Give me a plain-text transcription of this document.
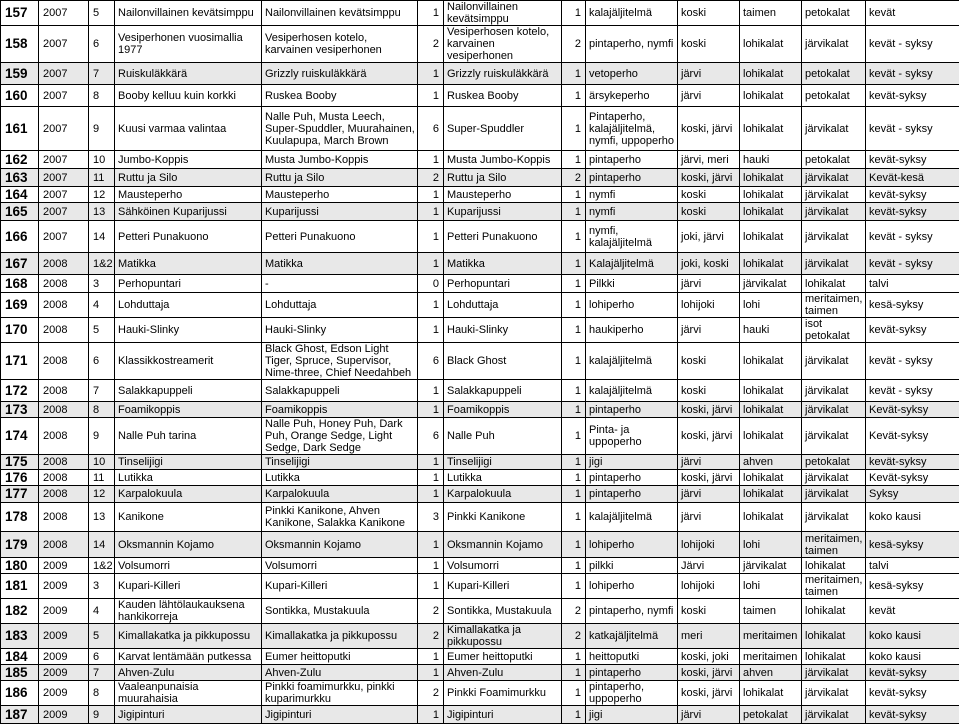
157	2007	5	Nailonvillainen kevätsimppu	Nailonvillainen kevätsimppu	1	Nailonvillainen kevätsimppu	1	kalajäljitelmä	koski	taimen	petokalat	kevät
158	2007	6	Vesiperhonen vuosimallia 1977	Vesiperhosen kotelo, karvainen vesiperhonen	2	Vesiperhosen kotelo, karvainen vesiperhonen	2	pintaperho, nymfi	koski	lohikalat	järvikalat	kevät - syksy
159	2007	7	Ruiskuläkkärä	Grizzly ruiskuläkkärä	1	Grizzly ruiskuläkkärä	1	vetoperho	järvi	lohikalat	petokalat	kevät - syksy
160	2007	8	Booby kelluu kuin korkki	Ruskea Booby	1	Ruskea Booby	1	ärsykeperho	järvi	lohikalat	petokalat	kevät-syksy
161	2007	9	Kuusi varmaa valintaa	Nalle Puh, Musta Leech, Super-Spuddler, Muurahainen, Kuulapupa, March Brown	6	Super-Spuddler	1	Pintaperho, kalajäljitelmä, nymfi, uppoperho	koski, järvi	lohikalat	järvikalat	kevät - syksy
162	2007	10	Jumbo-Koppis	Musta Jumbo-Koppis	1	Musta Jumbo-Koppis	1	pintaperho	järvi, meri	hauki	petokalat	kevät-syksy
163	2007	11	Ruttu ja Silo	Ruttu ja Silo	2	Ruttu ja Silo	2	pintaperho	koski, järvi	lohikalat	järvikalat	Kevät-kesä
164	2007	12	Mausteperho	Mausteperho	1	Mausteperho	1	nymfi	koski	lohikalat	järvikalat	kevät-syksy
165	2007	13	Sähköinen Kuparijussi	Kuparijussi	1	Kuparijussi	1	nymfi	koski	lohikalat	järvikalat	kevät-syksy
166	2007	14	Petteri Punakuono	Petteri Punakuono	1	Petteri Punakuono	1	nymfi, kalajäljitelmä	joki, järvi	lohikalat	järvikalat	kevät - syksy
167	2008	1&2	Matikka	Matikka	1	Matikka	1	Kalajäljitelmä	joki, koski	lohikalat	järvikalat	kevät - syksy
168	2008	3	Perhopuntari	-	0	Perhopuntari	1	Pilkki	järvi	järvikalat	lohikalat	talvi
169	2008	4	Lohduttaja	Lohduttaja	1	Lohduttaja	1	lohiperho	lohijoki	lohi	meritaimen, taimen	kesä-syksy
170	2008	5	Hauki-Slinky	Hauki-Slinky	1	Hauki-Slinky	1	haukiperho	järvi	hauki	isot petokalat	kevät-syksy
171	2008	6	Klassikkostreamerit	Black Ghost, Edson Light Tiger, Spruce, Supervisor, Nime-three, Chief Needahbeh	6	Black Ghost	1	kalajäljitelmä	koski	lohikalat	järvikalat	kevät - syksy
172	2008	7	Salakkapuppeli	Salakkapuppeli	1	Salakkapuppeli	1	kalajäljitelmä	koski	lohikalat	järvikalat	kevät - syksy
173	2008	8	Foamikoppis	Foamikoppis	1	Foamikoppis	1	pintaperho	koski, järvi	lohikalat	järvikalat	Kevät-syksy
174	2008	9	Nalle Puh tarina	Nalle Puh, Honey Puh, Dark Puh, Orange Sedge, Light Sedge, Dark Sedge	6	Nalle Puh	1	Pinta- ja uppoperho	koski, järvi	lohikalat	järvikalat	Kevät-syksy
175	2008	10	Tinselijigi	Tinselijigi	1	Tinselijigi	1	jigi	järvi	ahven	petokalat	kevät-syksy
176	2008	11	Lutikka	Lutikka	1	Lutikka	1	pintaperho	koski, järvi	lohikalat	järvikalat	Kevät-syksy
177	2008	12	Karpalokuula	Karpalokuula	1	Karpalokuula	1	pintaperho	järvi	lohikalat	järvikalat	Syksy
178	2008	13	Kanikone	Pinkki Kanikone, Ahven Kanikone, Salakka Kanikone	3	Pinkki Kanikone	1	kalajäljitelmä	järvi	lohikalat	järvikalat	koko kausi
179	2008	14	Oksmannin Kojamo	Oksmannin Kojamo	1	Oksmannin Kojamo	1	lohiperho	lohijoki	lohi	meritaimen, taimen	kesä-syksy
180	2009	1&2	Volsumorri	Volsumorri	1	Volsumorri	1	pilkki	Järvi	järvikalat	lohikalat	talvi
181	2009	3	Kupari-Killeri	Kupari-Killeri	1	Kupari-Killeri	1	lohiperho	lohijoki	lohi	meritaimen, taimen	kesä-syksy
182	2009	4	Kauden lähtölaukauksena hankikorreja	Sontikka, Mustakuula	2	Sontikka, Mustakuula	2	pintaperho, nymfi	koski	taimen	lohikalat	kevät
183	2009	5	Kimallakatka ja pikkupossu	Kimallakatka ja pikkupossu	2	Kimallakatka ja pikkupossu	2	katkajäljitelmä	meri	meritaimen	lohikalat	koko kausi
184	2009	6	Karvat lentämään putkessa	Eumer heittoputki	1	Eumer heittoputki	1	heittoputki	koski, joki	meritaimen	lohikalat	koko kausi
185	2009	7	Ahven-Zulu	Ahven-Zulu	1	Ahven-Zulu	1	pintaperho	koski, järvi	ahven	järvikalat	kevät-syksy
186	2009	8	Vaaleanpunaisia muurahaisia	Pinkki foamimurkku, pinkki kuparimurkku	2	Pinkki Foamimurkku	1	pintaperho, uppoperho	koski, järvi	lohikalat	järvikalat	kevät-syksy
187	2009	9	Jigipinturi	Jigipinturi	1	Jigipinturi	1	jigi	järvi	petokalat	järvikalat	kevät-syksy
